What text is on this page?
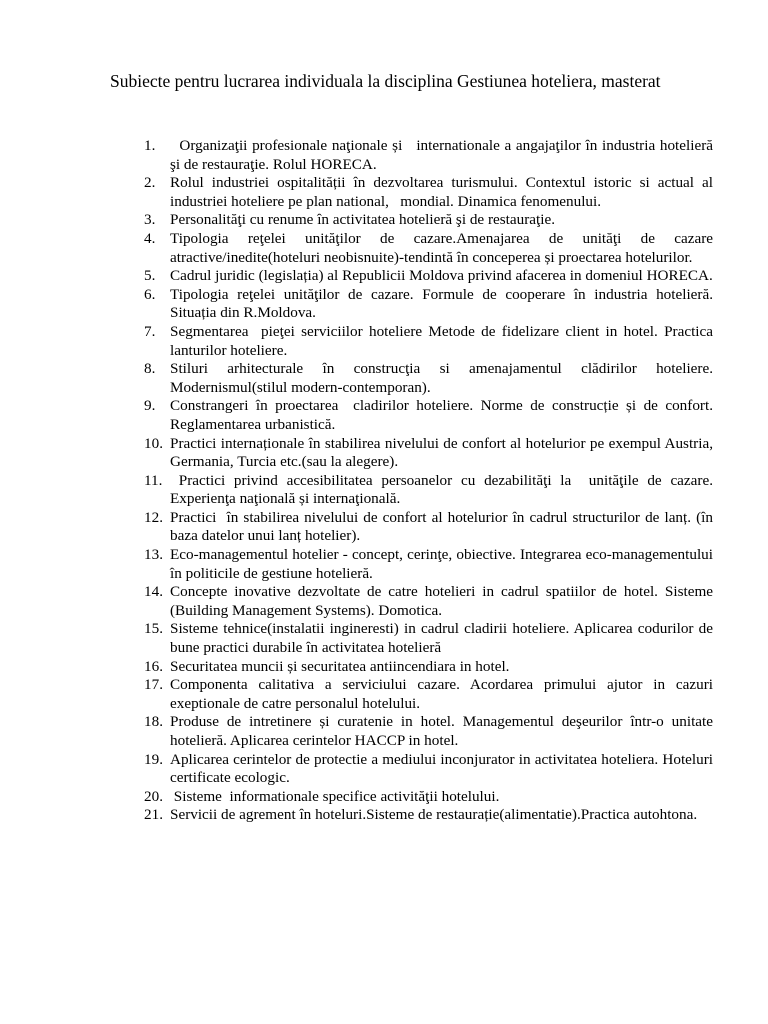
Subiecte pentru lucrarea individuala la disciplina Gestiunea hoteliera, masterat
1. Organizaţii profesionale naţionale și   internationale a angajaţilor în industria hotelieră şi de restauraţie. Rolul HORECA.
2. Rolul industriei ospitalității în dezvoltarea turismului. Contextul istoric si actual al industriei hoteliere pe plan national,   mondial. Dinamica fenomenului.
3. Personalităţi cu renume în activitatea hotelieră şi de restauraţie.
4. Tipologia reţelei unităţilor de cazare.Amenajarea de unităţi de cazare atractive/inedite(hoteluri neobisnuite)-tendintă în conceperea și proectarea hotelurilor.
5. Cadrul juridic (legislația) al Republicii Moldova privind afacerea in domeniul HORECA.
6. Tipologia reţelei unităţilor de cazare. Formule de cooperare în industria hotelieră. Situația din R.Moldova.
7. Segmentarea  pieţei serviciilor hoteliere Metode de fidelizare client in hotel. Practica lanturilor hoteliere.
8. Stiluri arhitecturale în construcţia si amenajamentul clădirilor hoteliere. Modernismul(stilul modern-contemporan).
9. Constrangeri în proectarea  cladirilor hoteliere. Norme de construcție și de confort. Reglamentarea urbanistică.
10. Practici internaționale în stabilirea nivelului de confort al hotelurior pe exempul Austria, Germania, Turcia etc.(sau la alegere).
11. Practici privind accesibilitatea persoanelor cu dezabilităţi la  unităţile de cazare. Experienţa naţională și internaţională.
12. Practici  în stabilirea nivelului de confort al hotelurior în cadrul structurilor de lanț. (în baza datelor unui lanț hotelier).
13. Eco-managementul hotelier - concept, cerinţe, obiective. Integrarea eco-managementului în politicile de gestiune hotelieră.
14. Concepte inovative dezvoltate de catre hotelieri in cadrul spatiilor de hotel. Sisteme (Building Management Systems). Domotica.
15. Sisteme tehnice(instalatii ingineresti) in cadrul cladirii hoteliere. Aplicarea codurilor de bune practici durabile în activitatea hotelieră
16. Securitatea muncii și securitatea antiincendiara in hotel.
17. Componenta calitativa a serviciului cazare. Acordarea primului ajutor in cazuri exeptionale de catre personalul hotelului.
18. Produse de intretinere și curatenie in hotel. Managementul deşeurilor într-o unitate hotelieră. Aplicarea cerintelor HACCP in hotel.
19. Aplicarea cerintelor de protectie a mediului inconjurator in activitatea hoteliera. Hoteluri certificate ecologic.
20. Sisteme  informationale specifice activităţii hotelului.
21. Servicii de agrement în hoteluri.Sisteme de restaurație(alimentatie).Practica autohtona.
